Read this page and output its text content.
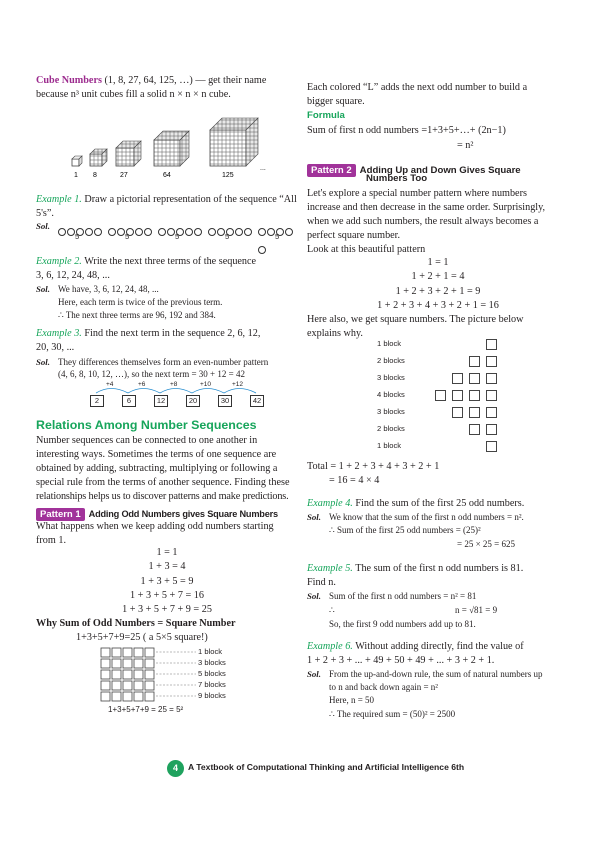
Cube Numbers (1, 8, 27, 64, 125, …) — get their name

because n³ unit cubes fill a solid n × n × n cube.

1 8	27	64	125
...

Example 1. Draw a pictorial representation of the sequence “All 5's”.

Sol.
5	5	5	5	5

Example 2. Write the next three terms of the sequence

3, 6, 12, 24, 48, ...

Sol. We have, 3, 6, 12, 24, 48, ...

Here, each term is twice of the previous term.

∴ The next three terms are 96, 192 and 384.

Example 3. Find the next term in the sequence 2, 6, 12,

20, 30, ...

Sol. They differences themselves form an even-number pattern

(4, 6, 8, 10, 12, …), so the next term = 30 + 12 = 42

+4	+6	+8	+10	+12
2	6	12	20	30	42

Relations Among Number Sequences

Number sequences can be connected to one another in

interesting ways. Sometimes the terms of one sequence are

obtained by adding, subtracting, multiplying or following a

special rule from the terms of another sequence. Finding these

relationships helps us to discover patterns and make predictions.

Pattern 1 Adding Odd Numbers gives Square Numbers

What happens when we keep adding odd numbers starting

from 1.

1 = 1

1 + 3 = 4

1 + 3 + 5 = 9

1 + 3 + 5 + 7 = 16

1 + 3 + 5 + 7 + 9 = 25

Why Sum of Odd Numbers = Square Number

1+3+5+7+9=25 ( a 5×5 square!)

1 block
3 blocks
5 blocks
7 blocks
9 blocks
1+3+5+7+9 = 25 = 5²

Each colored “L” adds the next odd number to build a

bigger square.

Formula

Sum of first n odd numbers =1+3+5+…+ (2n−1)

= n²

Pattern 2 Adding Up and Down Gives Square

Numbers Too

Let's explore a special number pattern where numbers

increase and then decrease in the same order. Surprisingly,

when we add such numbers, the result always becomes a

perfect square number.

Look at this beautiful pattern

1 = 1

1 + 2 + 1 = 4

1 + 2 + 3 + 2 + 1 = 9

1 + 2 + 3 + 4 + 3 + 2 + 1 = 16

Here also, we get square numbers. The picture below

explains why.

1 block
2 blocks
3 blocks
4 blocks
3 blocks
2 blocks
1 block

Total = 1 + 2 + 3 + 4 + 3 + 2 + 1

= 16 = 4 × 4

Example 4. Find the sum of the first 25 odd numbers.

Sol. We know that the sum of the first n odd numbers = n².

∴ Sum of the first 25 odd numbers = (25)²

= 25 × 25 = 625

Example 5. The sum of the first n odd numbers is 81.

Find n.

Sol. Sum of the first n odd numbers = n² = 81

∴	n = √81 = 9

So, the first 9 odd numbers add up to 81.

Example 6. Without adding directly, find the value of

1 + 2 + 3 + ... + 49 + 50 + 49 + ... + 3 + 2 + 1.

Sol. From the up-and-down rule, the sum of natural numbers up

to n and back down again = n²

Here, n = 50

∴ The required sum = (50)² = 2500

4	A Textbook of Computational Thinking and Artificial Intelligence 6th
